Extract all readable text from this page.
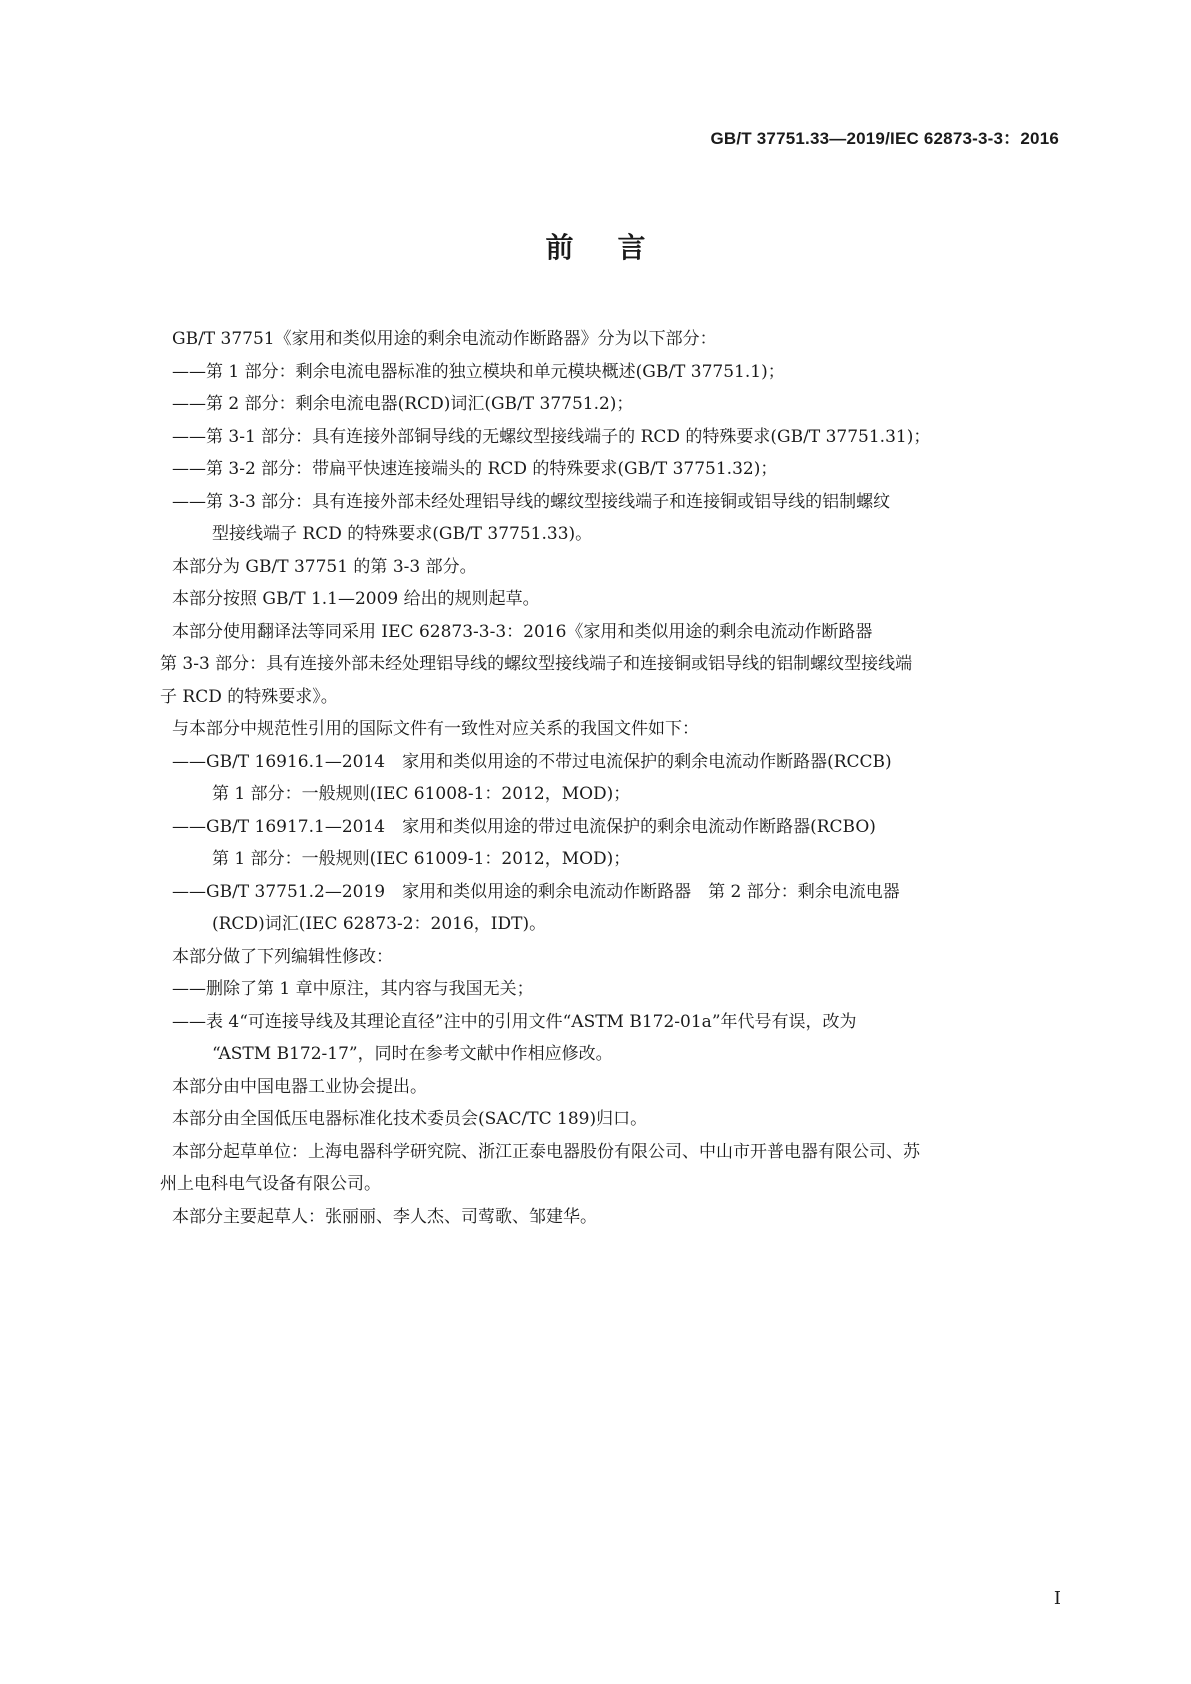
GB/T 37751.33—2019/IEC 62873-3-3：2016
前言

GB/T 37751《家用和类似用途的剩余电流动作断路器》分为以下部分：

——第 1 部分：剩余电流电器标准的独立模块和单元模块概述(GB/T 37751.1)；

——第 2 部分：剩余电流电器(RCD)词汇(GB/T 37751.2)；

——第 3-1 部分：具有连接外部铜导线的无螺纹型接线端子的 RCD 的特殊要求(GB/T 37751.31)；

——第 3-2 部分：带扁平快速连接端头的 RCD 的特殊要求(GB/T 37751.32)；

——第 3-3 部分：具有连接外部未经处理铝导线的螺纹型接线端子和连接铜或铝导线的铝制螺纹

型接线端子 RCD 的特殊要求(GB/T 37751.33)。

本部分为 GB/T 37751 的第 3-3 部分。

本部分按照 GB/T 1.1—2009 给出的规则起草。

本部分使用翻译法等同采用 IEC 62873-3-3：2016《家用和类似用途的剩余电流动作断路器

第 3-3 部分：具有连接外部未经处理铝导线的螺纹型接线端子和连接铜或铝导线的铝制螺纹型接线端

子 RCD 的特殊要求》。

与本部分中规范性引用的国际文件有一致性对应关系的我国文件如下：

——GB/T 16916.1—2014　家用和类似用途的不带过电流保护的剩余电流动作断路器(RCCB)

第 1 部分：一般规则(IEC 61008-1：2012，MOD)；

——GB/T 16917.1—2014　家用和类似用途的带过电流保护的剩余电流动作断路器(RCBO)

第 1 部分：一般规则(IEC 61009-1：2012，MOD)；

——GB/T 37751.2—2019　家用和类似用途的剩余电流动作断路器　第 2 部分：剩余电流电器

(RCD)词汇(IEC 62873-2：2016，IDT)。

本部分做了下列编辑性修改：

——删除了第 1 章中原注，其内容与我国无关；

——表 4“可连接导线及其理论直径”注中的引用文件“ASTM B172-01a”年代号有误，改为

“ASTM B172-17”，同时在参考文献中作相应修改。

本部分由中国电器工业协会提出。

本部分由全国低压电器标准化技术委员会(SAC/TC 189)归口。

本部分起草单位：上海电器科学研究院、浙江正泰电器股份有限公司、中山市开普电器有限公司、苏

州上电科电气设备有限公司。

本部分主要起草人：张丽丽、李人杰、司莺歌、邹建华。

I
